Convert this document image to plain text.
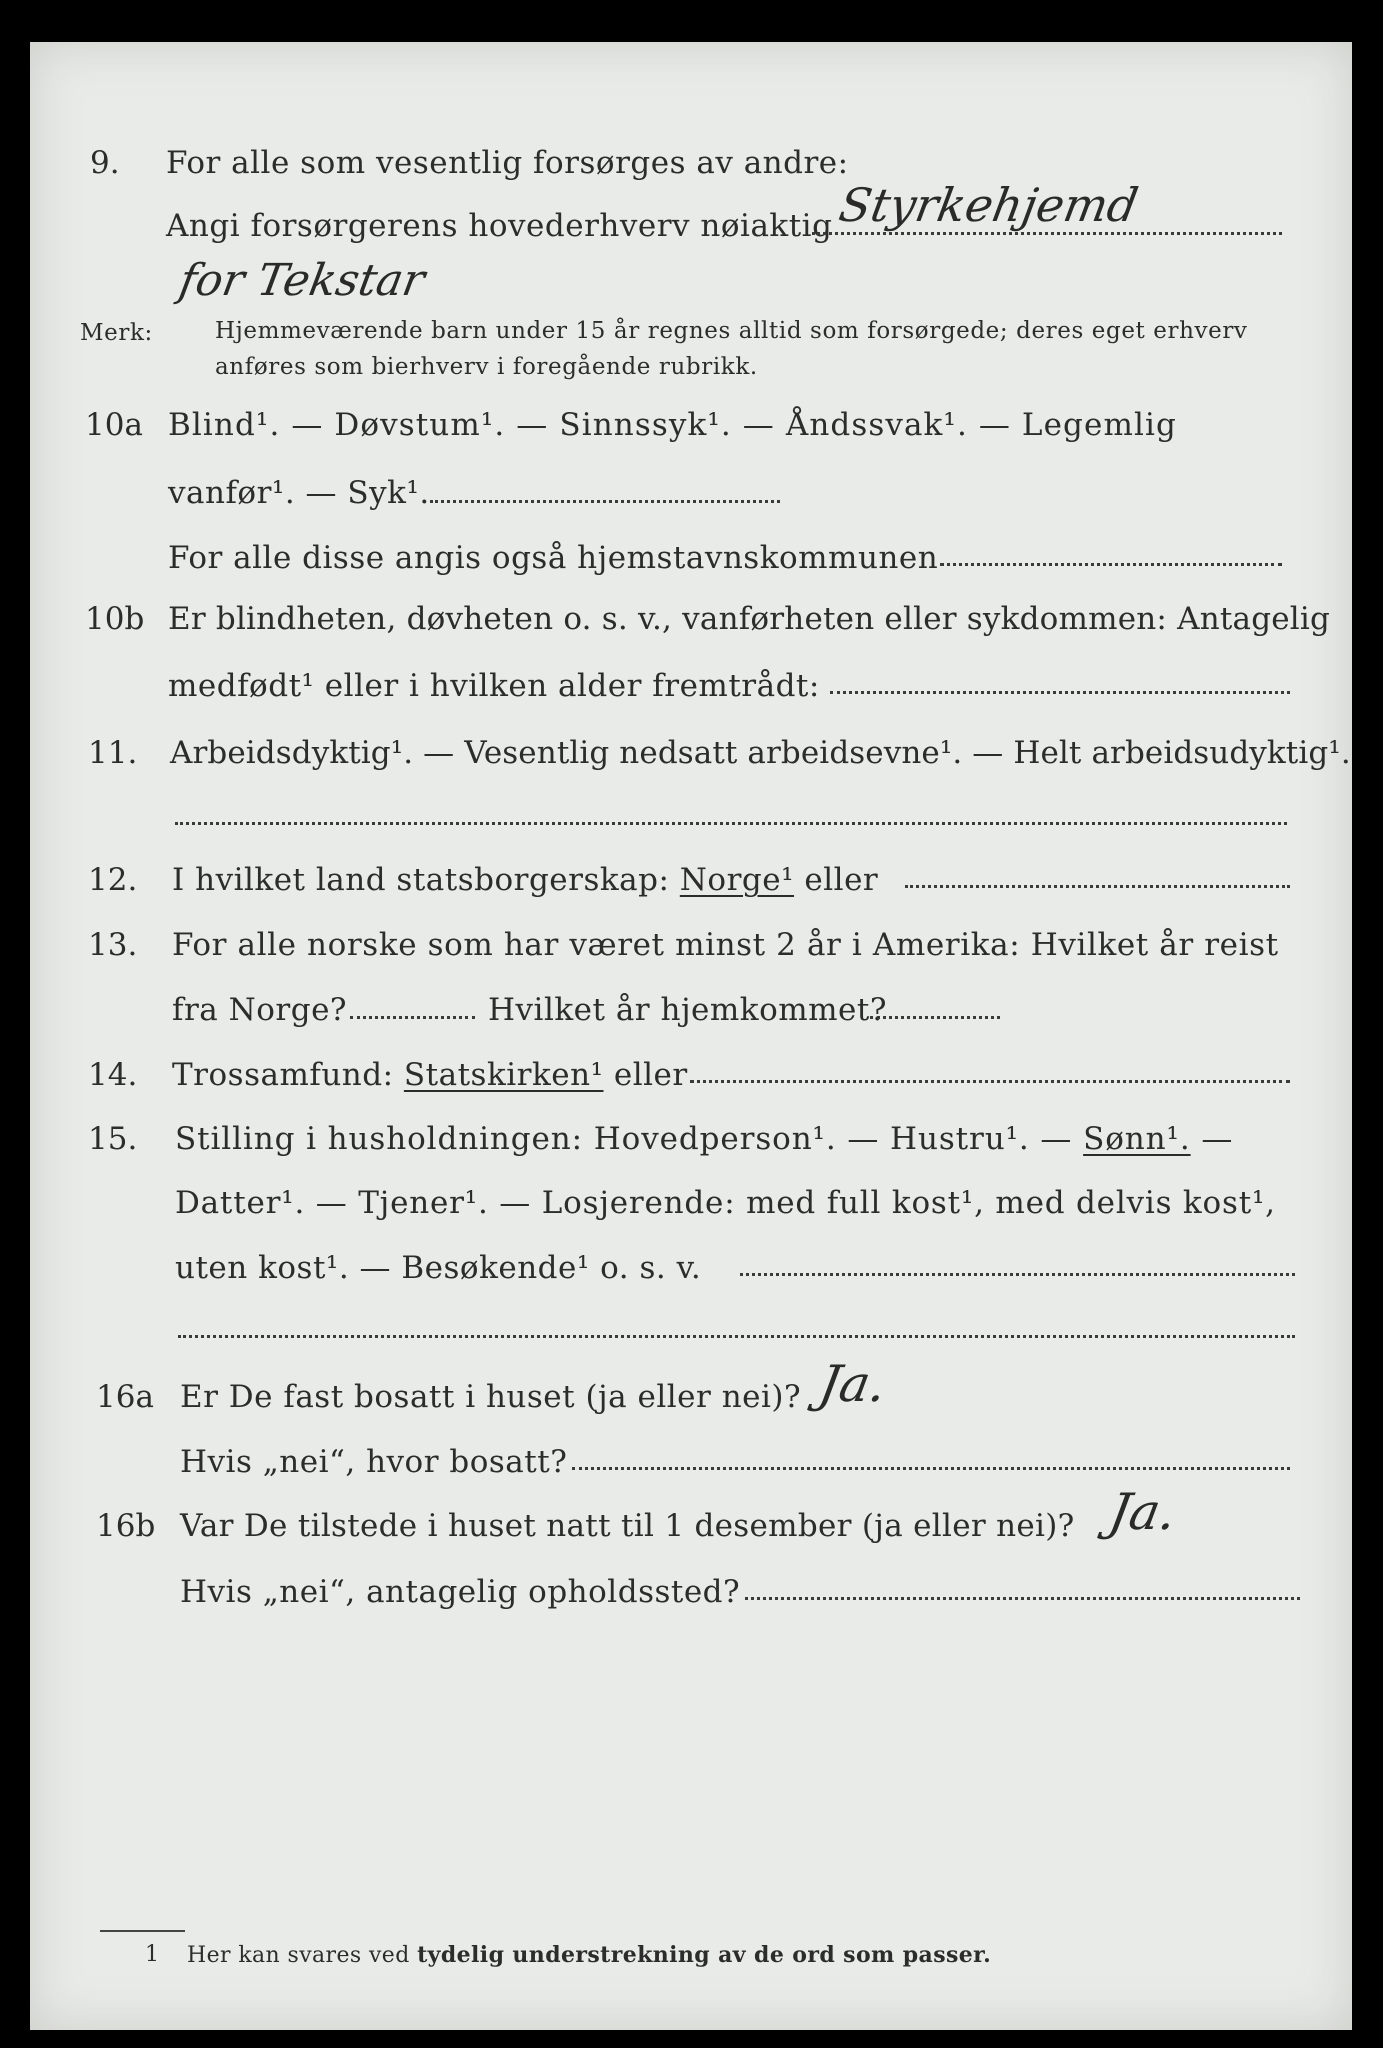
9. For alle som vesentlig forsørges av andre:
Angi forsørgerens hovederhverv nøiaktig Styrkehjemd
for Tekstar
Merk:	Hjemmeværende barn under 15 år regnes alltid som forsørgede; deres eget erhverv
anføres som bierhverv i foregående rubrikk.
10a Blind¹. — Døvstum¹. — Sinnssyk¹. — Åndssvak¹. — Legemlig
vanfør¹. — Syk¹.
For alle disse angis også hjemstavnskommunen
10b Er blindheten, døvheten o. s. v., vanførheten eller sykdommen: Antagelig
medfødt¹ eller i hvilken alder fremtrådt:
11. Arbeidsdyktig¹. — Vesentlig nedsatt arbeidsevne¹. — Helt arbeidsudyktig¹.
12. I hvilket land statsborgerskap: Norge¹ eller
13. For alle norske som har været minst 2 år i Amerika: Hvilket år reist
fra Norge?	Hvilket år hjemkommet?
14. Trossamfund: Statskirken¹ eller
15. Stilling i husholdningen: Hovedperson¹. — Hustru¹. — Sønn¹. —
Datter¹. — Tjener¹. — Losjerende: med full kost¹, med delvis kost¹,
uten kost¹. — Besøkende¹ o. s. v.
16a Er De fast bosatt i huset (ja eller nei)? Ja.
Hvis „nei“, hvor bosatt?
16b Var De tilstede i huset natt til 1 desember (ja eller nei)? Ja.
Hvis „nei“, antagelig opholdssted?
1 Her kan svares ved tydelig understrekning av de ord som passer.
